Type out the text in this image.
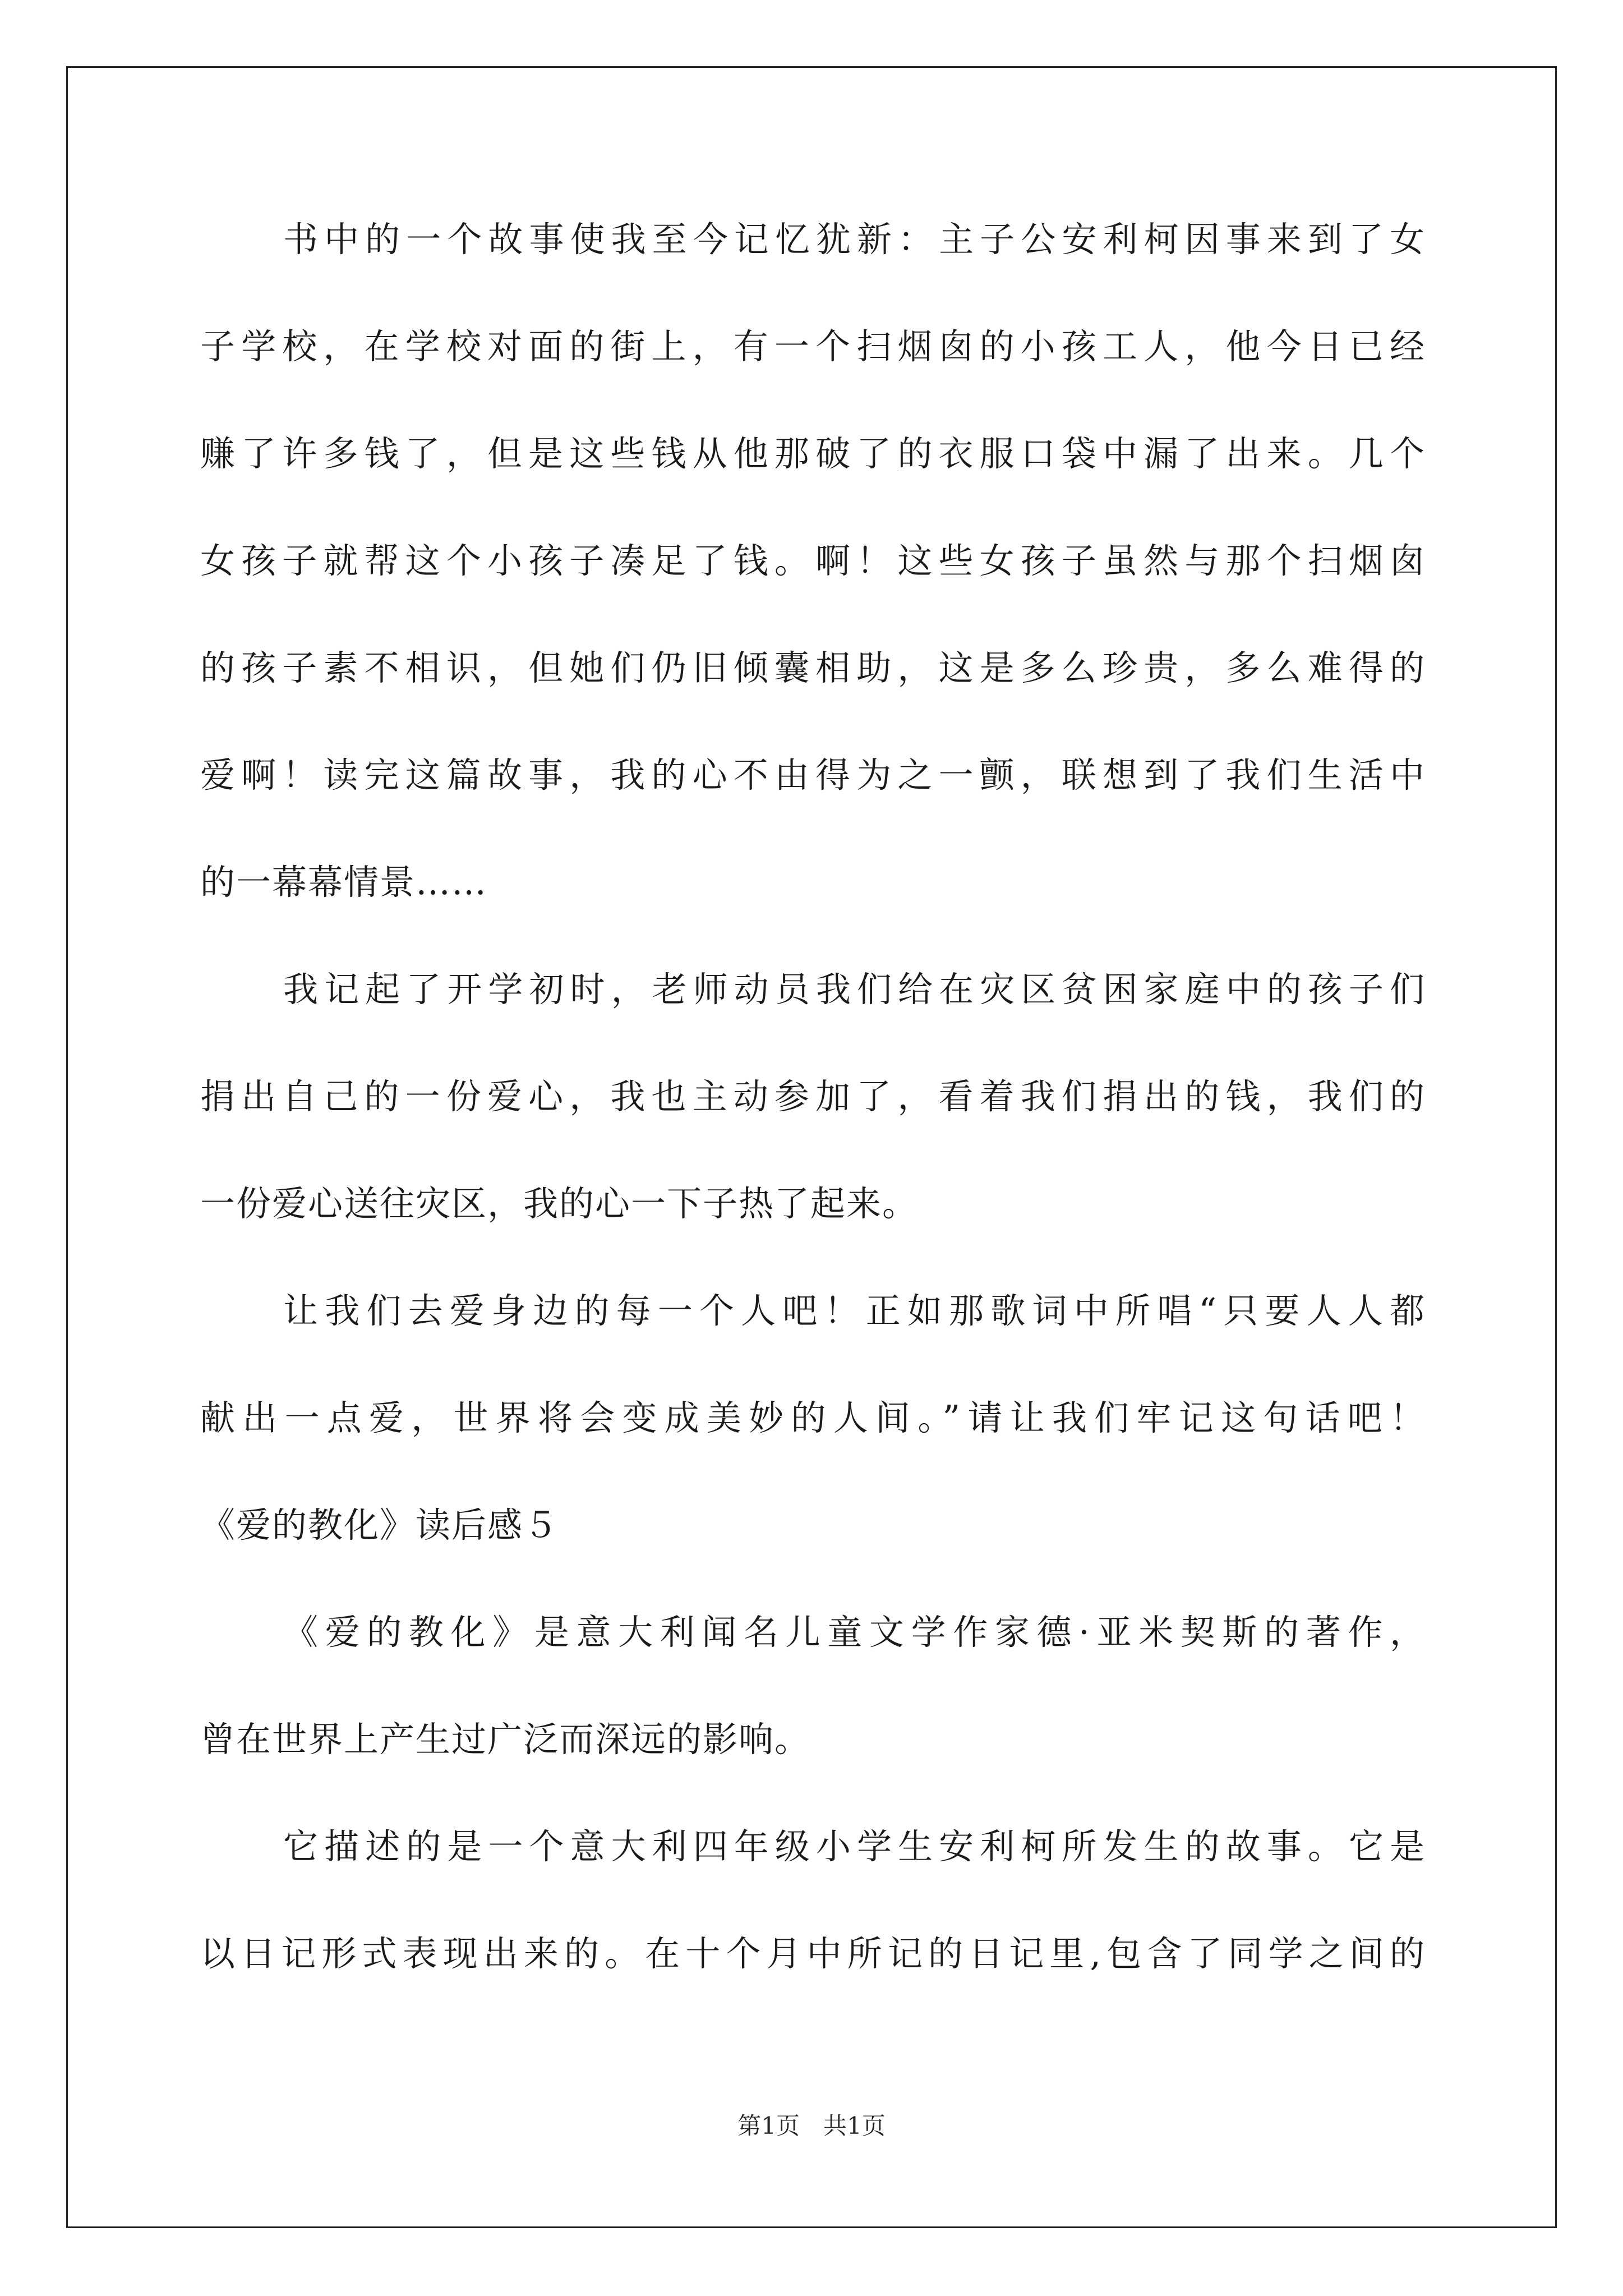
书中的一个故事使我至今记忆犹新：主子公安利柯因事来到了女
子学校，在学校对面的街上，有一个扫烟囱的小孩工人，他今日已经
赚了许多钱了，但是这些钱从他那破了的衣服口袋中漏了出来。几个
女孩子就帮这个小孩子凑足了钱。啊！这些女孩子虽然与那个扫烟囱
的孩子素不相识，但她们仍旧倾囊相助，这是多么珍贵，多么难得的
爱啊！读完这篇故事，我的心不由得为之一颤，联想到了我们生活中
的一幕幕情景……
我记起了开学初时，老师动员我们给在灾区贫困家庭中的孩子们
捐出自己的一份爱心，我也主动参加了，看着我们捐出的钱，我们的
一份爱心送往灾区，我的心一下子热了起来。
让我们去爱身边的每一个人吧！正如那歌词中所唱“只要人人都
献出一点爱，世界将会变成美妙的人间。”请让我们牢记这句话吧！
《爱的教化》读后感５
《爱的教化》是意大利闻名儿童文学作家德·亚米契斯的著作，
曾在世界上产生过广泛而深远的影响。
它描述的是一个意大利四年级小学生安利柯所发生的故事。它是
以日记形式表现出来的。在十个月中所记的日记里,包含了同学之间的
第1页　共1页
